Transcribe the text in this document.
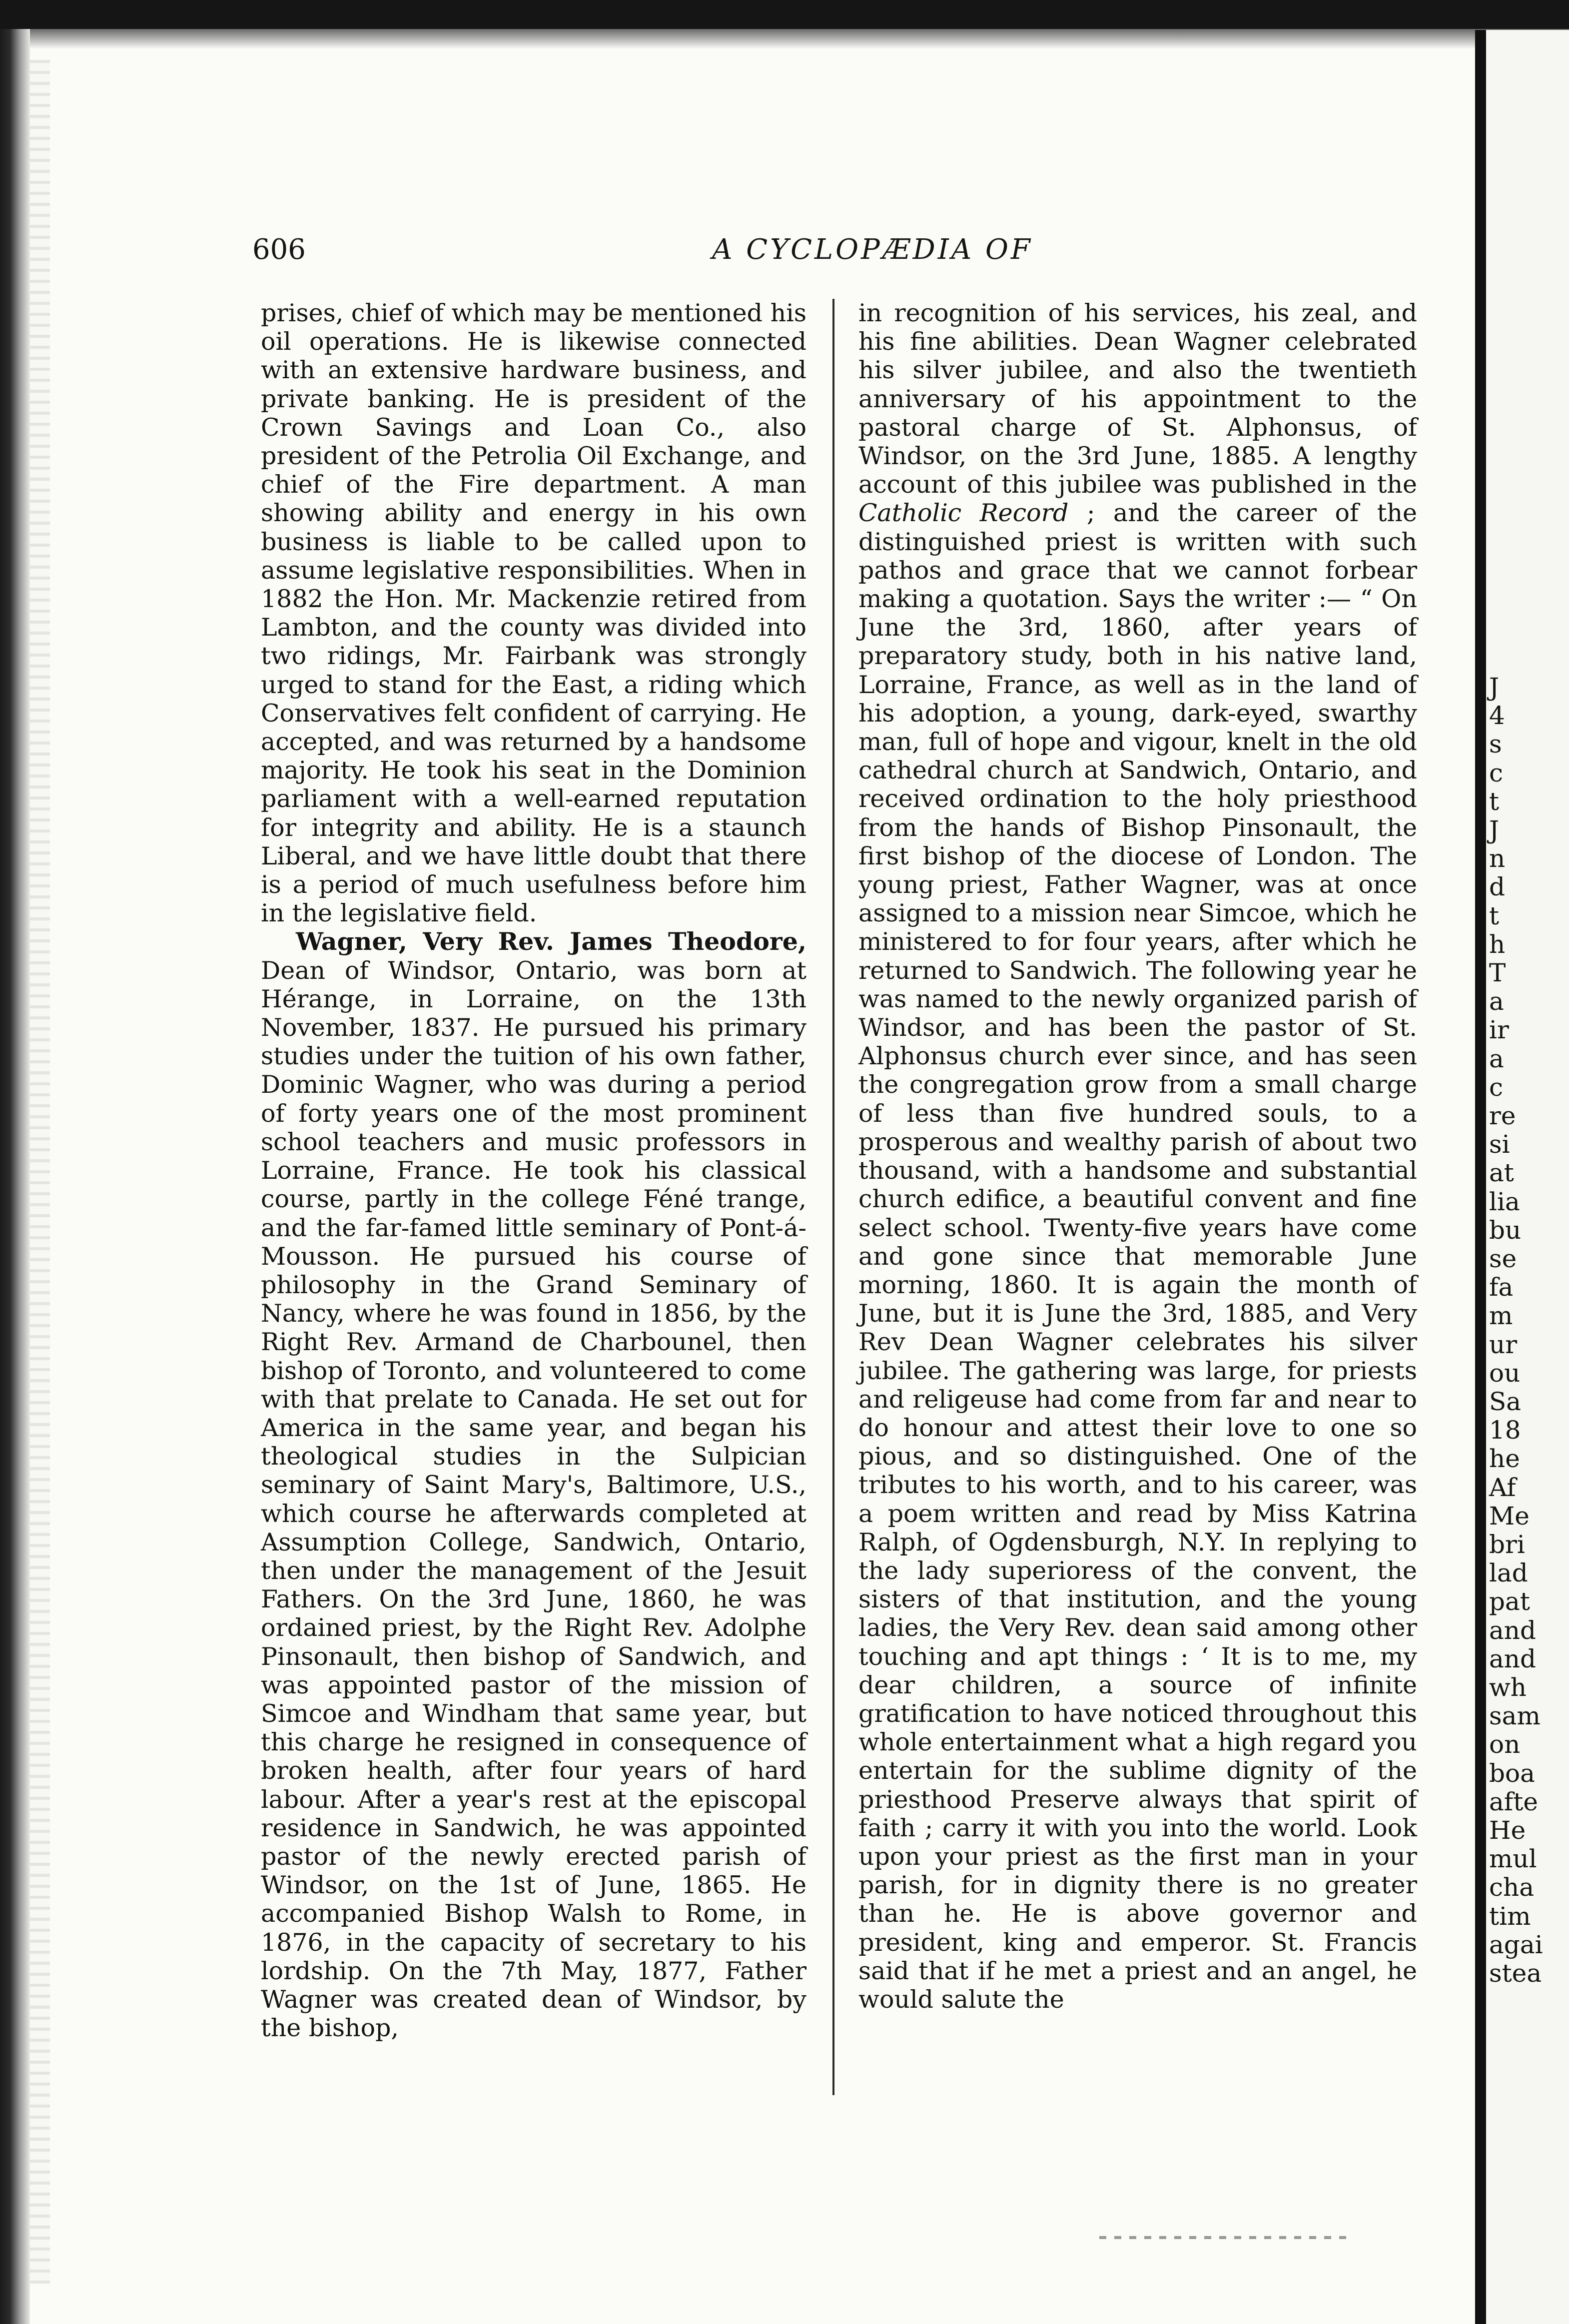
606	A CYCLOPÆDIA OF

prises, chief of which may be mentioned his oil operations. He is likewise connected with an extensive hardware business, and private banking. He is president of the Crown Savings and Loan Co., also president of the Petrolia Oil Exchange, and chief of the Fire department. A man showing ability and energy in his own business is liable to be called upon to assume legislative responsibilities. When in 1882 the Hon. Mr. Mackenzie retired from Lambton, and the county was divided into two ridings, Mr. Fairbank was strongly urged to stand for the East, a riding which Conservatives felt confident of carrying. He accepted, and was returned by a handsome majority. He took his seat in the Dominion parliament with a well-earned reputation for integrity and ability. He is a staunch Liberal, and we have little doubt that there is a period of much usefulness before him in the legislative field.

Wagner, Very Rev. James Theodore, Dean of Windsor, Ontario, was born at Hérange, in Lorraine, on the 13th November, 1837. He pursued his primary studies under the tuition of his own father, Dominic Wagner, who was during a period of forty years one of the most prominent school teachers and music professors in Lorraine, France. He took his classical course, partly in the college Féné trange, and the far-famed little seminary of Pont-á-Mousson. He pursued his course of philosophy in the Grand Seminary of Nancy, where he was found in 1856, by the Right Rev. Armand de Charbounel, then bishop of Toronto, and volunteered to come with that prelate to Canada. He set out for America in the same year, and began his theological studies in the Sulpician seminary of Saint Mary's, Baltimore, U.S., which course he afterwards completed at Assumption College, Sandwich, Ontario, then under the management of the Jesuit Fathers. On the 3rd June, 1860, he was ordained priest, by the Right Rev. Adolphe Pinsonault, then bishop of Sandwich, and was appointed pastor of the mission of Simcoe and Windham that same year, but this charge he resigned in consequence of broken health, after four years of hard labour. After a year's rest at the episcopal residence in Sandwich, he was appointed pastor of the newly erected parish of Windsor, on the 1st of June, 1865. He accompanied Bishop Walsh to Rome, in 1876, in the capacity of secretary to his lordship. On the 7th May, 1877, Father Wagner was created dean of Windsor, by the bishop,

in recognition of his services, his zeal, and his fine abilities. Dean Wagner celebrated his silver jubilee, and also the twentieth anniversary of his appointment to the pastoral charge of St. Alphonsus, of Windsor, on the 3rd June, 1885. A lengthy account of this jubilee was published in the Catholic Record ; and the career of the distinguished priest is written with such pathos and grace that we cannot forbear making a quotation. Says the writer :— “ On June the 3rd, 1860, after years of preparatory study, both in his native land, Lorraine, France, as well as in the land of his adoption, a young, dark-eyed, swarthy man, full of hope and vigour, knelt in the old cathedral church at Sandwich, Ontario, and received ordination to the holy priesthood from the hands of Bishop Pinsonault, the first bishop of the diocese of London. The young priest, Father Wagner, was at once assigned to a mission near Simcoe, which he ministered to for four years, after which he returned to Sandwich. The following year he was named to the newly organized parish of Windsor, and has been the pastor of St. Alphonsus church ever since, and has seen the congregation grow from a small charge of less than five hundred souls, to a prosperous and wealthy parish of about two thousand, with a handsome and substantial church edifice, a beautiful convent and fine select school. Twenty-five years have come and gone since that memorable June morning, 1860. It is again the month of June, but it is June the 3rd, 1885, and Very Rev Dean Wagner celebrates his silver jubilee. The gathering was large, for priests and religeuse had come from far and near to do honour and attest their love to one so pious, and so distinguished. One of the tributes to his worth, and to his career, was a poem written and read by Miss Katrina Ralph, of Ogdensburgh, N.Y. In replying to the lady superioress of the convent, the sisters of that institution, and the young ladies, the Very Rev. dean said among other touching and apt things : ‘ It is to me, my dear children, a source of infinite gratification to have noticed throughout this whole entertainment what a high regard you entertain for the sublime dignity of the priesthood Preserve always that spirit of faith ; carry it with you into the world. Look upon your priest as the first man in your parish, for in dignity there is no greater than he. He is above governor and president, king and emperor. St. Francis said that if he met a priest and an angel, he would salute the

J
4
s
c
t
J
n
d
t
h
T
a
ir
a
c
re
si
at
lia
bu
se
fa
m
ur
ou
Sa
18
he
Af
Me
bri
lad
pat
and
and
wh
sam
on
boa
afte
He
mul
cha
tim
agai
stea
